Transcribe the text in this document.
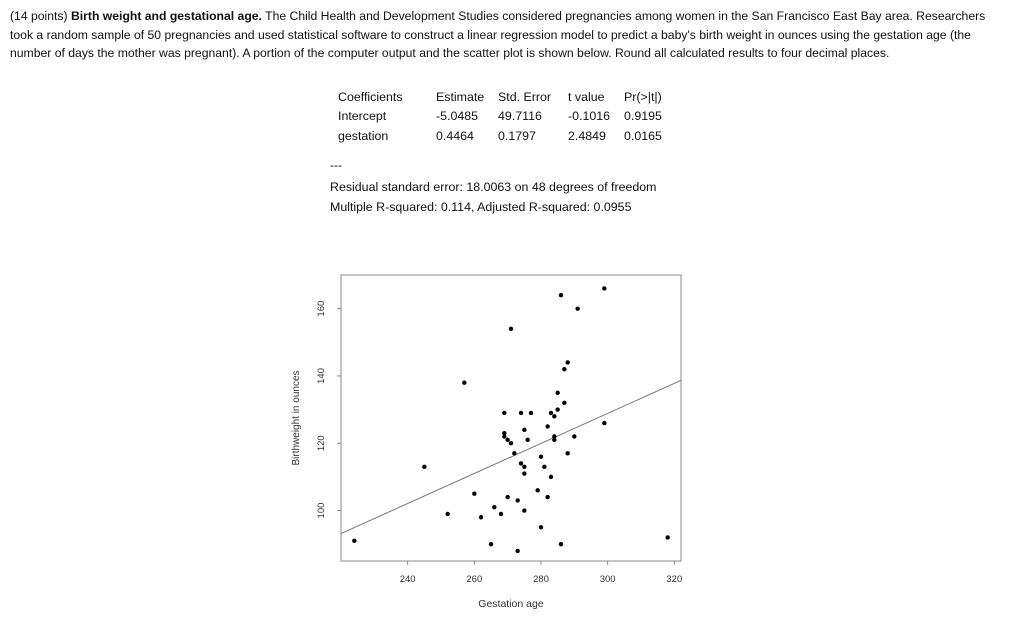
(14 points) Birth weight and gestational age. The Child Health and Development Studies considered pregnancies among women in the San Francisco East Bay area. Researchers took a random sample of 50 pregnancies and used statistical software to construct a linear regression model to predict a baby's birth weight in ounces using the gestation age (the number of days the mother was pregnant). A portion of the computer output and the scatter plot is shown below. Round all calculated results to four decimal places.
Coefficients	Estimate	Std. Error	t value	Pr(>|t|)
Intercept	-5.0485	49.7116	-0.1016	0.9195
gestation	0.4464	0.1797	2.4849	0.0165
---
Residual standard error: 18.0063 on 48 degrees of freedom
Multiple R-squared: 0.114, Adjusted R-squared: 0.0955
240	260	280	300	320
100
120
140
160
Gestation age
Birthweight in ounces
